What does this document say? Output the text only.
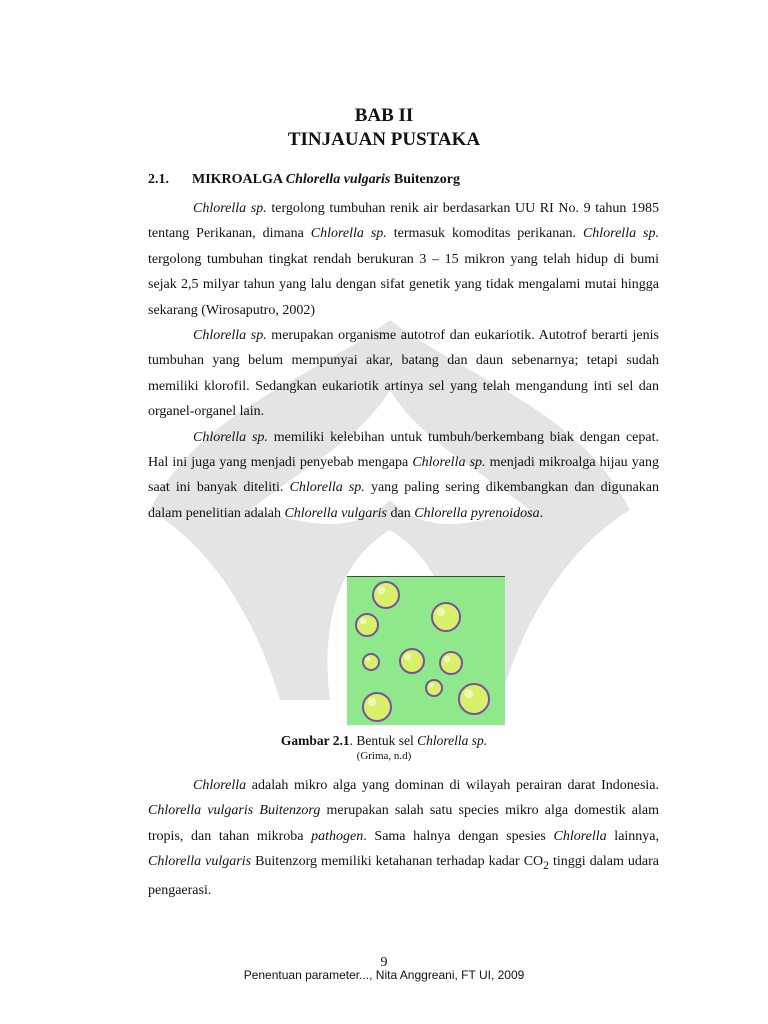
BAB II
TINJAUAN PUSTAKA
2.1. MIKROALGA Chlorella vulgaris Buitenzorg

Chlorella sp. tergolong tumbuhan renik air berdasarkan UU RI No. 9 tahun 1985 tentang Perikanan, dimana Chlorella sp. termasuk komoditas perikanan. Chlorella sp. tergolong tumbuhan tingkat rendah berukuran 3 – 15 mikron yang telah hidup di bumi sejak 2,5 milyar tahun yang lalu dengan sifat genetik yang tidak mengalami mutai hingga sekarang (Wirosaputro, 2002)

Chlorella sp. merupakan organisme autotrof dan eukariotik. Autotrof berarti jenis tumbuhan yang belum mempunyai akar, batang dan daun sebenarnya; tetapi sudah memiliki klorofil. Sedangkan eukariotik artinya sel yang telah mengandung inti sel dan organel-organel lain.

Chlorella sp. memiliki kelebihan untuk tumbuh/berkembang biak dengan cepat. Hal ini juga yang menjadi penyebab mengapa Chlorella sp. menjadi mikroalga hijau yang saat ini banyak diteliti. Chlorella sp. yang paling sering dikembangkan dan digunakan dalam penelitian adalah Chlorella vulgaris dan Chlorella pyrenoidosa.

Gambar 2.1. Bentuk sel Chlorella sp.
(Grima, n.d)

Chlorella adalah mikro alga yang dominan di wilayah perairan darat Indonesia. Chlorella vulgaris Buitenzorg merupakan salah satu species mikro alga domestik alam tropis, dan tahan mikroba pathogen. Sama halnya dengan spesies Chlorella lainnya, Chlorella vulgaris Buitenzorg memiliki ketahanan terhadap kadar $CO_2$ tinggi dalam udara pengaerasi.

9
Penentuan parameter..., Nita Anggreani, FT UI, 2009
